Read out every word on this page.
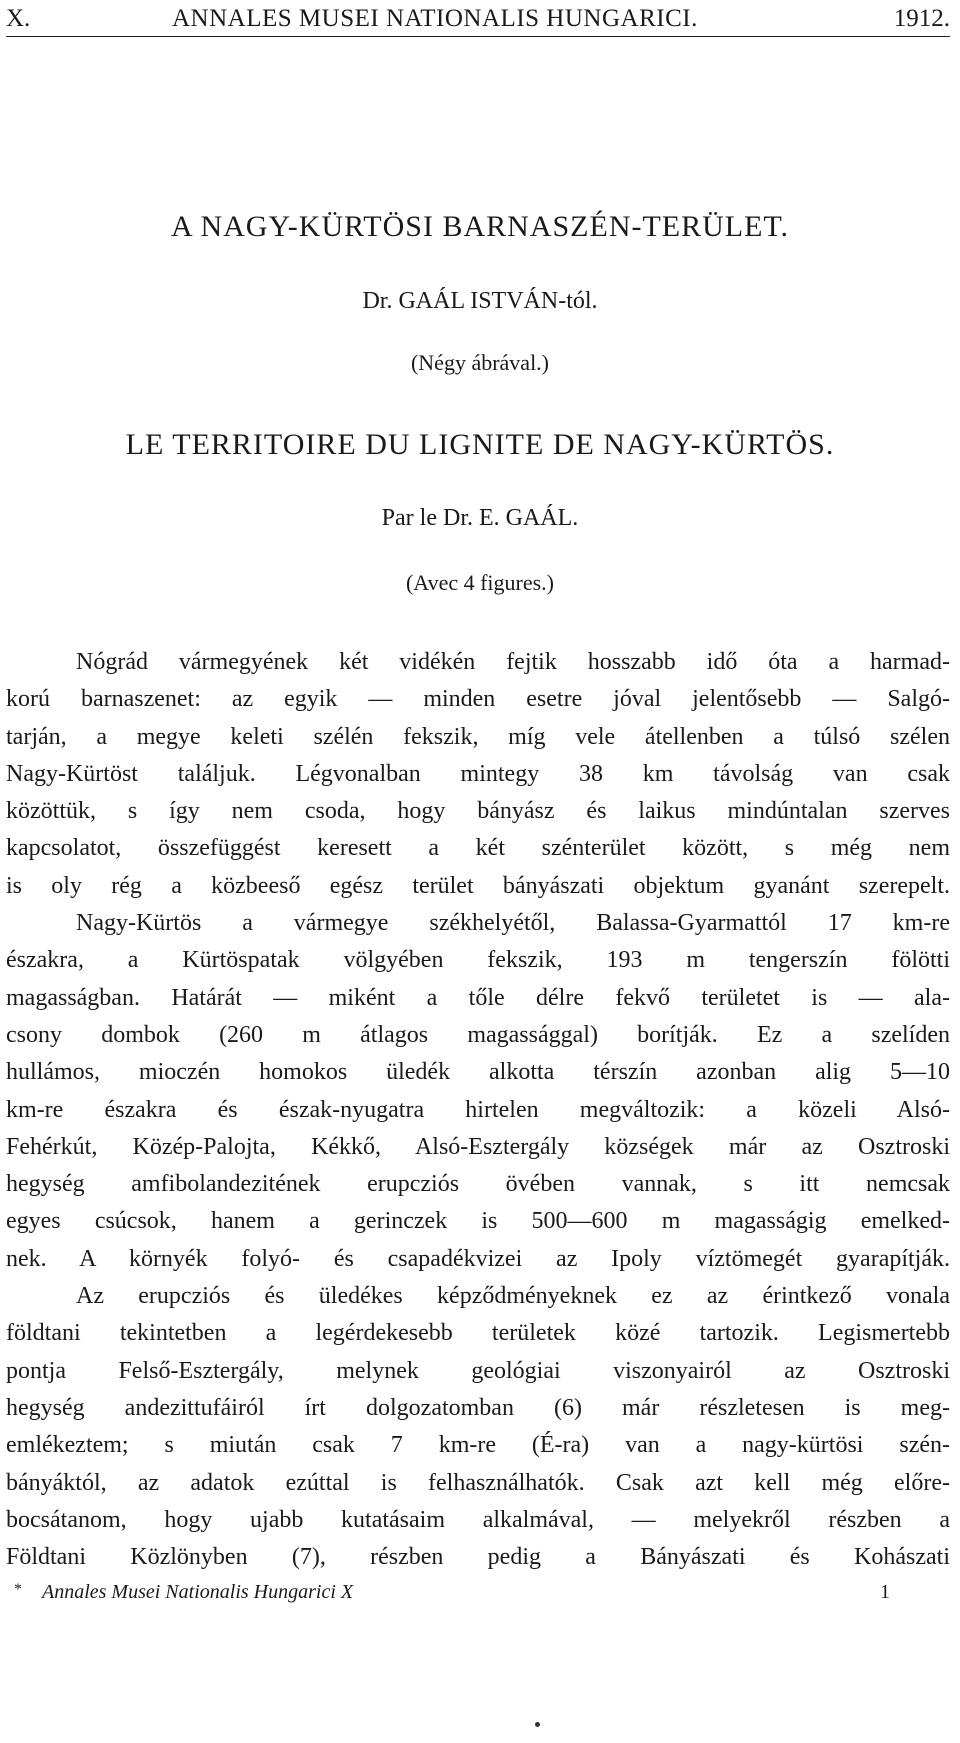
X.	ANNALES MUSEI NATIONALIS HUNGARICI.	1912.
A NAGY-KÜRTÖSI BARNASZÉN-TERÜLET.
Dr. GAÁL ISTVÁN-tól.
(Négy ábrával.)
LE TERRITOIRE DU LIGNITE DE NAGY-KÜRTÖS.
Par le Dr. E. GAÁL.
(Avec 4 figures.)
Nógrád vármegyének két vidékén fejtik hosszabb idő óta a harmad-
korú barnaszenet: az egyik — minden esetre jóval jelentősebb — Salgó-
tarján, a megye keleti szélén fekszik, míg vele átellenben a túlsó szélen
Nagy-Kürtöst találjuk. Légvonalban mintegy 38 km távolság van csak
közöttük, s így nem csoda, hogy bányász és laikus mindúntalan szerves
kapcsolatot, összefüggést keresett a két szénterület között, s még nem
is oly rég a közbeeső egész terület bányászati objektum gyanánt szerepelt.
Nagy-Kürtös a vármegye székhelyétől, Balassa-Gyarmattól 17 km-re
északra, a Kürtöspatak völgyében fekszik, 193 m tengerszín fölötti
magasságban. Határát — miként a tőle délre fekvő területet is — ala-
csony dombok (260 m átlagos magassággal) borítják. Ez a szelíden
hullámos, mioczén homokos üledék alkotta térszín azonban alig 5—10
km-re északra és észak-nyugatra hirtelen megváltozik: a közeli Alsó-
Fehérkút, Közép-Palojta, Kékkő, Alsó-Esztergály községek már az Osztroski
hegység amfibolandezitének erupcziós övében vannak, s itt nemcsak
egyes csúcsok, hanem a gerinczek is 500—600 m magasságig emelked-
nek. A környék folyó- és csapadékvizei az Ipoly víztömegét gyarapítják.
Az erupcziós és üledékes képződményeknek ez az érintkező vonala
földtani tekintetben a legérdekesebb területek közé tartozik. Legismertebb
pontja Felső-Esztergály, melynek geológiai viszonyairól az Osztroski
hegység andezittufáiról írt dolgozatomban (6) már részletesen is meg-
emlékeztem; s miután csak 7 km-re (É-ra) van a nagy-kürtösi szén-
bányáktól, az adatok ezúttal is felhasználhatók. Csak azt kell még előre-
bocsátanom, hogy ujabb kutatásaim alkalmával, — melyekről részben a
Földtani Közlönyben (7), részben pedig a Bányászati és Kohászati
* Annales Musei Nationalis Hungarici X	1
